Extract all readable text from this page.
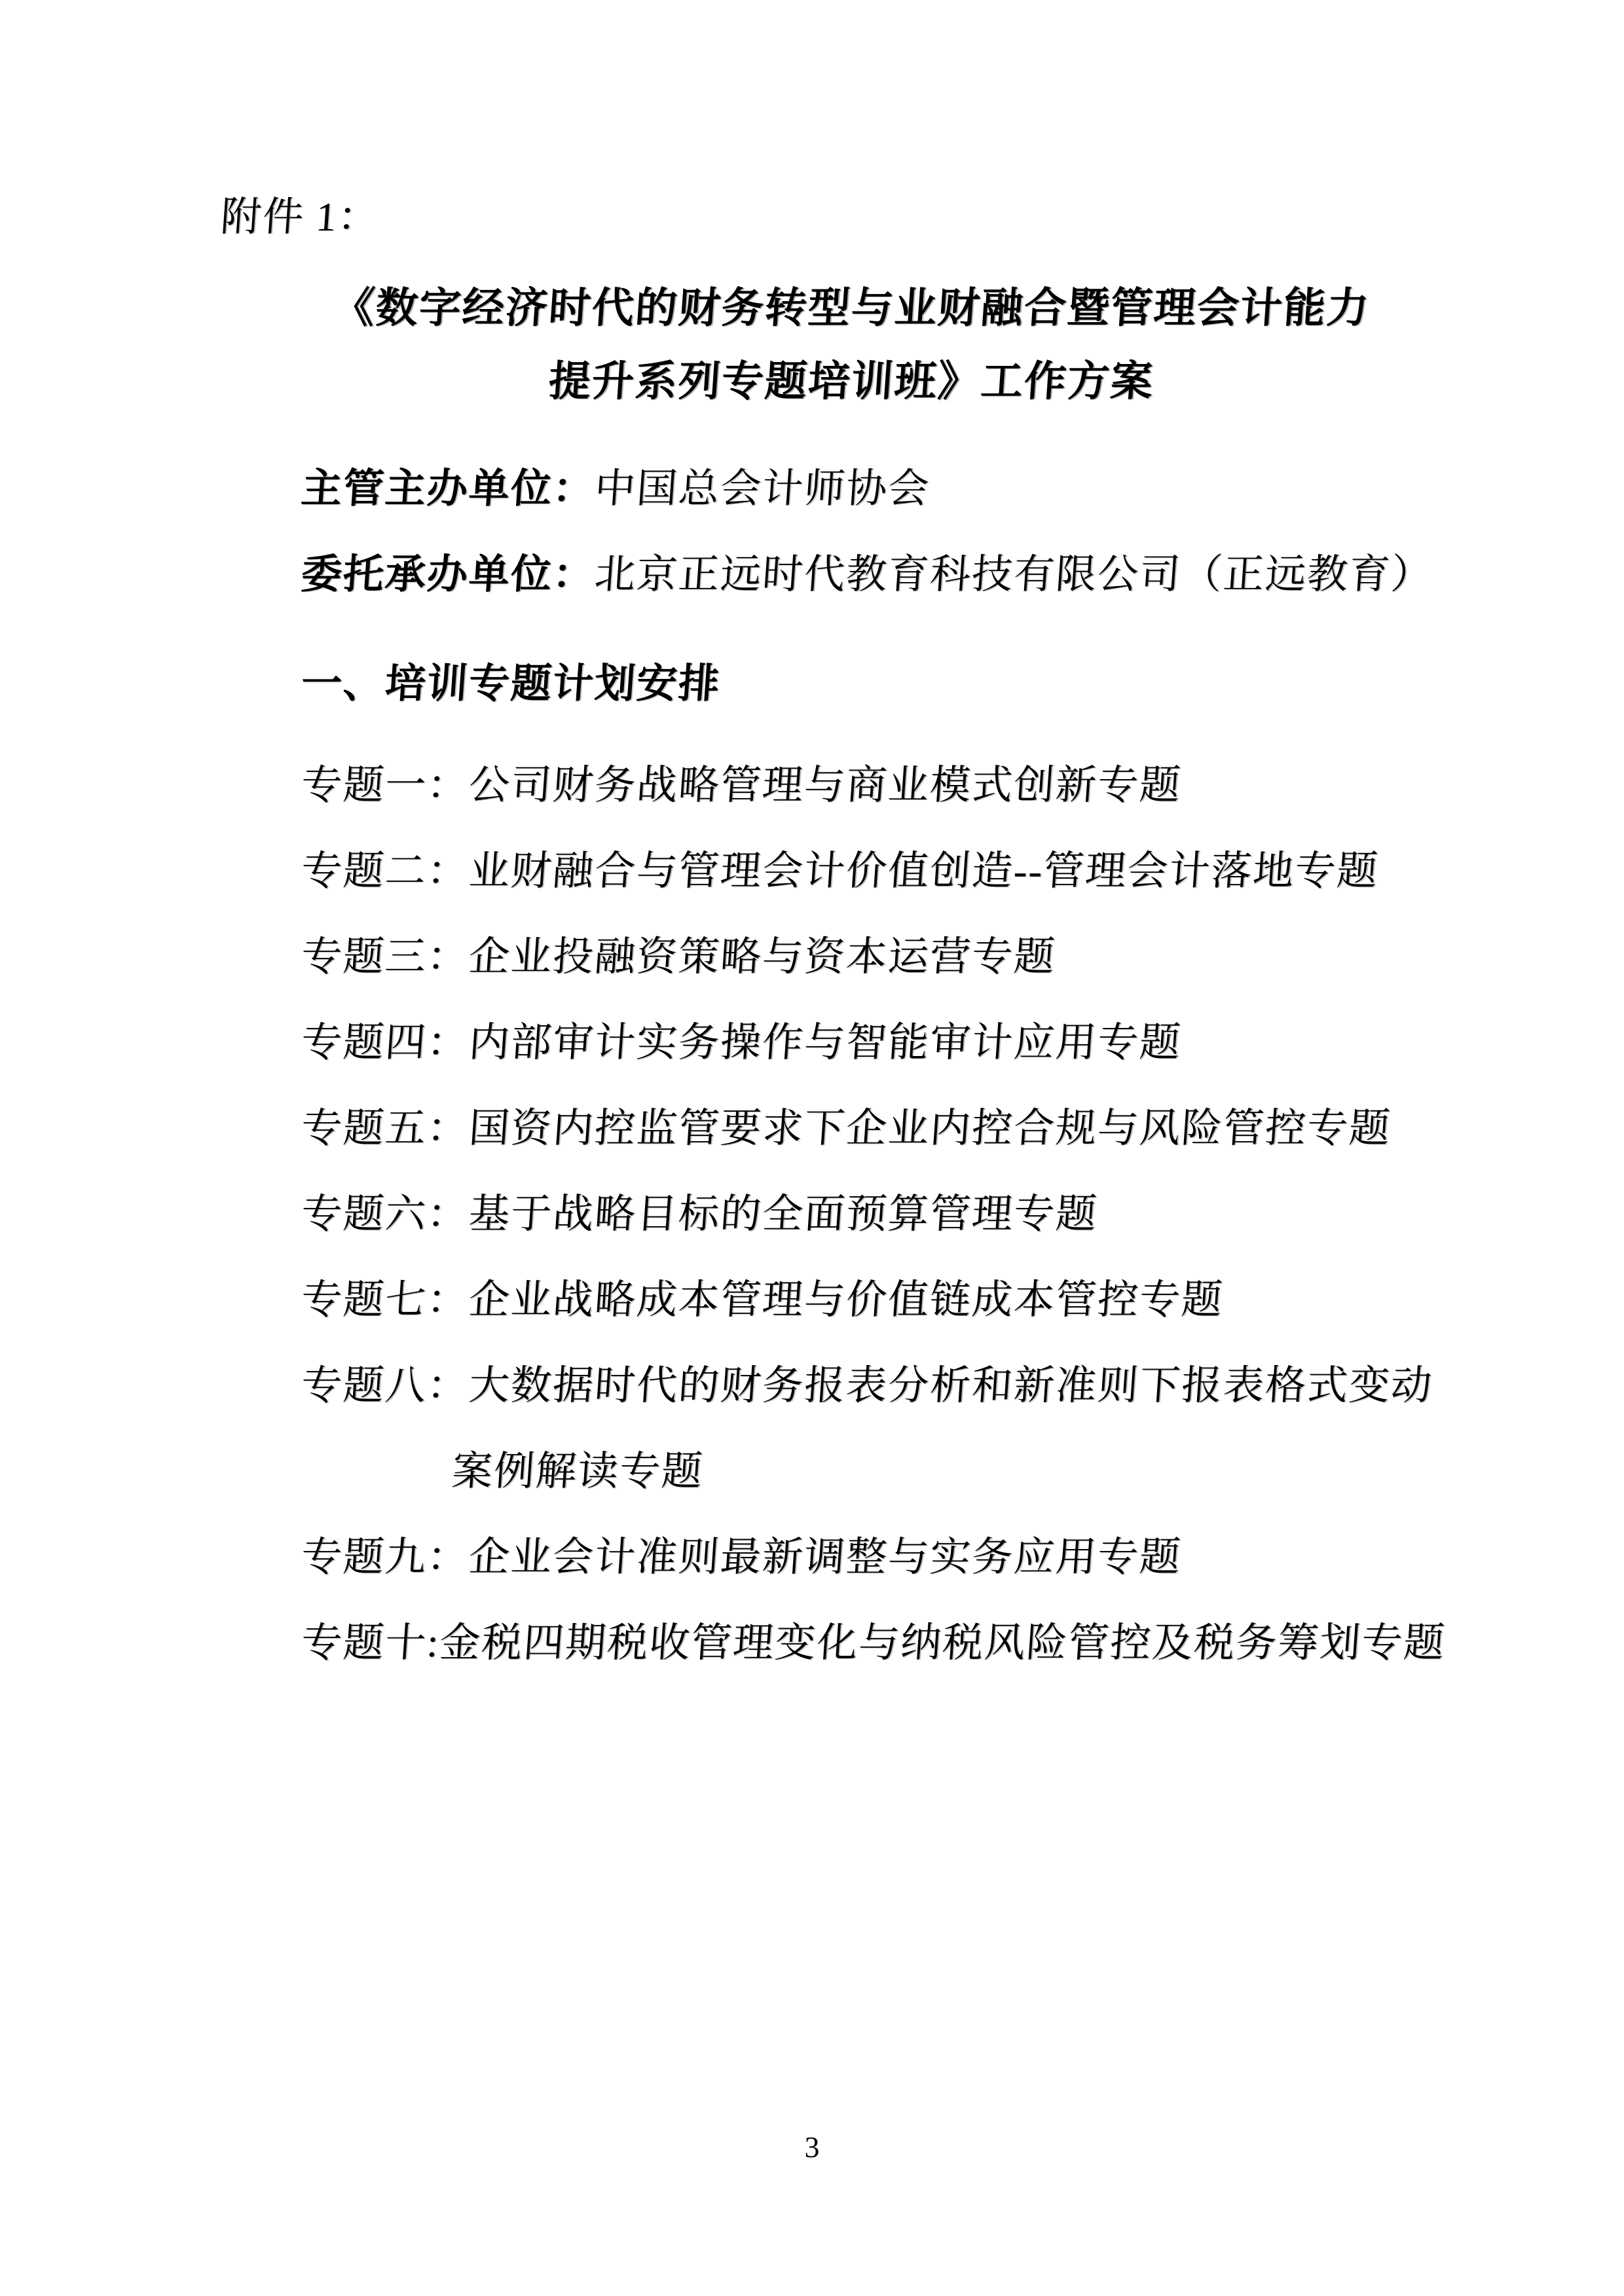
附件 1：
《数字经济时代的财务转型与业财融合暨管理会计能力
提升系列专题培训班》工作方案
主管主办单位：中国总会计师协会
委托承办单位：北京正远时代教育科技有限公司（正远教育）
一、培训专题计划安排
专题一：公司财务战略管理与商业模式创新专题
专题二：业财融合与管理会计价值创造--管理会计落地专题
专题三：企业投融资策略与资本运营专题
专题四：内部审计实务操作与智能审计应用专题
专题五：国资内控监管要求下企业内控合规与风险管控专题
专题六：基于战略目标的全面预算管理专题
专题七：企业战略成本管理与价值链成本管控专题
专题八：大数据时代的财务报表分析和新准则下报表格式变动
案例解读专题
专题九：企业会计准则最新调整与实务应用专题
专题十:金税四期税收管理变化与纳税风险管控及税务筹划专题
3
